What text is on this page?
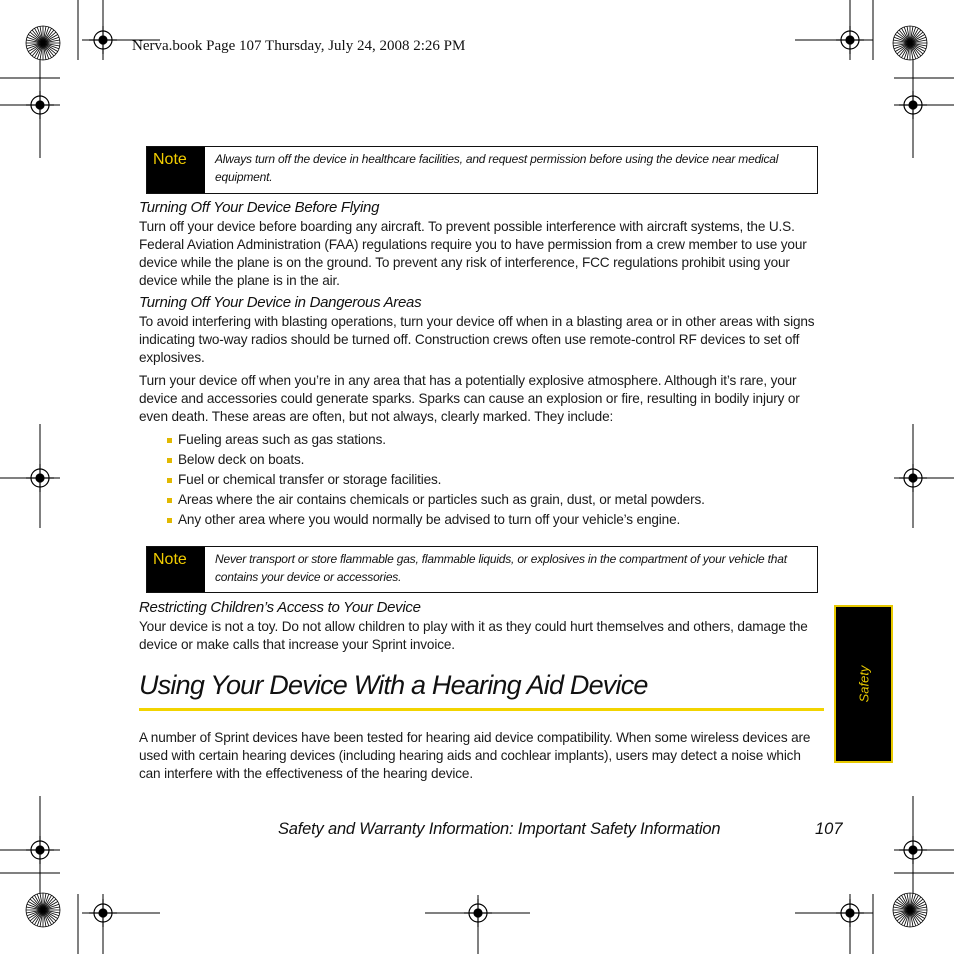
Nerva.book Page 107 Thursday, July 24, 2008 2:26 PM
Note	Always turn off the device in healthcare facilities, and request permission before using the device near medical equipment.
Turning Off Your Device Before Flying
Turn off your device before boarding any aircraft. To prevent possible interference with aircraft systems, the U.S. Federal Aviation Administration (FAA) regulations require you to have permission from a crew member to use your device while the plane is on the ground. To prevent any risk of interference, FCC regulations prohibit using your device while the plane is in the air.
Turning Off Your Device in Dangerous Areas
To avoid interfering with blasting operations, turn your device off when in a blasting area or in other areas with signs indicating two-way radios should be turned off. Construction crews often use remote-control RF devices to set off explosives.
Turn your device off when you’re in any area that has a potentially explosive atmosphere. Although it’s rare, your device and accessories could generate sparks. Sparks can cause an explosion or fire, resulting in bodily injury or even death. These areas are often, but not always, clearly marked. They include:
Fueling areas such as gas stations.
Below deck on boats.
Fuel or chemical transfer or storage facilities.
Areas where the air contains chemicals or particles such as grain, dust, or metal powders.
Any other area where you would normally be advised to turn off your vehicle’s engine.
Note	Never transport or store flammable gas, flammable liquids, or explosives in the compartment of your vehicle that contains your device or accessories.
Restricting Children’s Access to Your Device
Your device is not a toy. Do not allow children to play with it as they could hurt themselves and others, damage the device or make calls that increase your Sprint invoice.
Using Your Device With a Hearing Aid Device
A number of Sprint devices have been tested for hearing aid device compatibility. When some wireless devices are used with certain hearing devices (including hearing aids and cochlear implants), users may detect a noise which can interfere with the effectiveness of the hearing device.
Safety
Safety and Warranty Information: Important Safety Information	107
